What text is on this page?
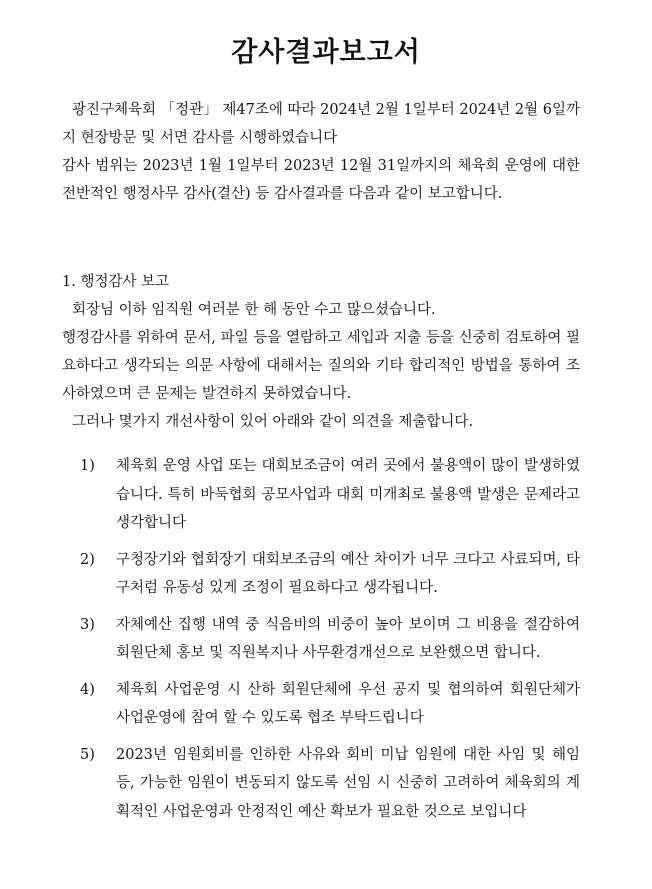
감사결과보고서

광진구체육회 「정관」 제47조에 따라 2024년 2월 1일부터 2024년 2월 6일까지 현장방문 및 서면 감사를 시행하였습니다

감사 범위는 2023년 1월 1일부터 2023년 12월 31일까지의 체육회 운영에 대한 전반적인 행정사무 감사(결산) 등 감사결과를 다음과 같이 보고합니다.

1. 행정감사 보고

회장님 이하 임직원 여러분 한 해 동안 수고 많으셨습니다.

행정감사를 위하여 문서, 파일 등을 열람하고 세입과 지출 등을 신중히 검토하여 필요하다고 생각되는 의문 사항에 대해서는 질의와 기타 합리적인 방법을 통하여 조사하였으며 큰 문제는 발견하지 못하였습니다.

그러나 몇가지 개선사항이 있어 아래와 같이 의견을 제출합니다.

1)	체육회 운영 사업 또는 대회보조금이 여러 곳에서 불용액이 많이 발생하였습니다. 특히 바둑협회 공모사업과 대회 미개최로 불용액 발생은 문제라고 생각합니다
2)	구청장기와 협회장기 대회보조금의 예산 차이가 너무 크다고 사료되며, 타 구처럼 유동성 있게 조정이 필요하다고 생각됩니다.
3)	자체예산 집행 내역 중 식음비의 비중이 높아 보이며 그 비용을 절감하여 회원단체 홍보 및 직원복지나 사무환경개선으로 보완했으면 합니다.
4)	체육회 사업운영 시 산하 회원단체에 우선 공지 및 협의하여 회원단체가 사업운영에 참여 할 수 있도록 협조 부탁드립니다
5)	2023년 임원회비를 인하한 사유와 회비 미납 임원에 대한 사임 및 해임 등, 가능한 임원이 변동되지 않도록 선임 시 신중히 고려하여 체육회의 계획적인 사업운영과 안정적인 예산 확보가 필요한 것으로 보입니다
